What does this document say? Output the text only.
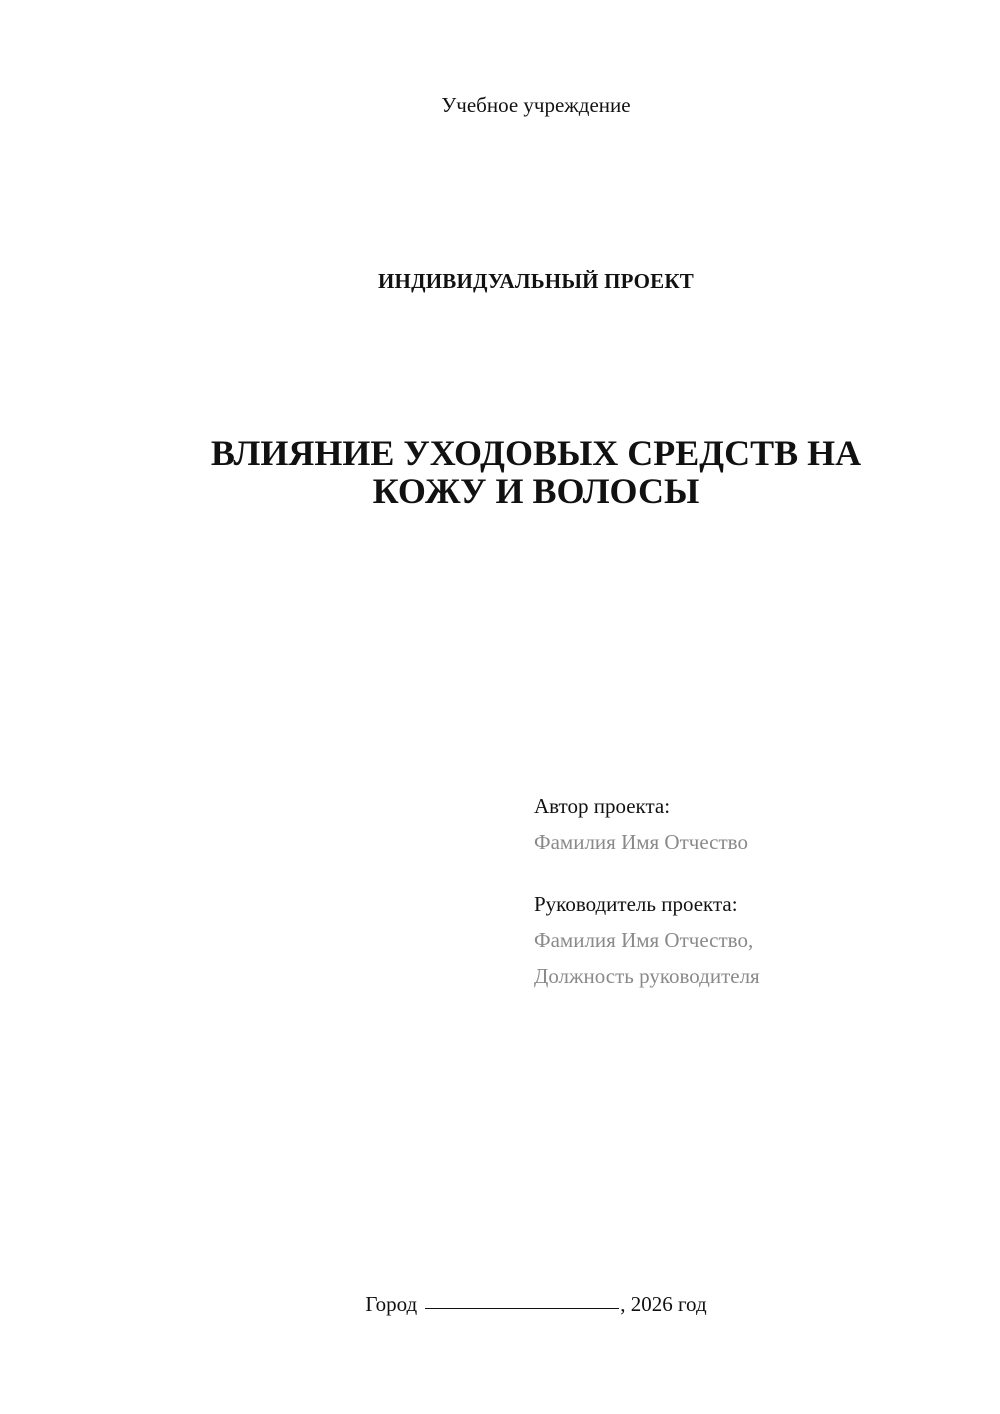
Учебное учреждение
ИНДИВИДУАЛЬНЫЙ ПРОЕКТ
ВЛИЯНИЕ УХОДОВЫХ СРЕДСТВ НА
КОЖУ И ВОЛОСЫ
Автор проекта:
Фамилия Имя Отчество
Руководитель проекта:
Фамилия Имя Отчество,
Должность руководителя
Город	, 2026 год
